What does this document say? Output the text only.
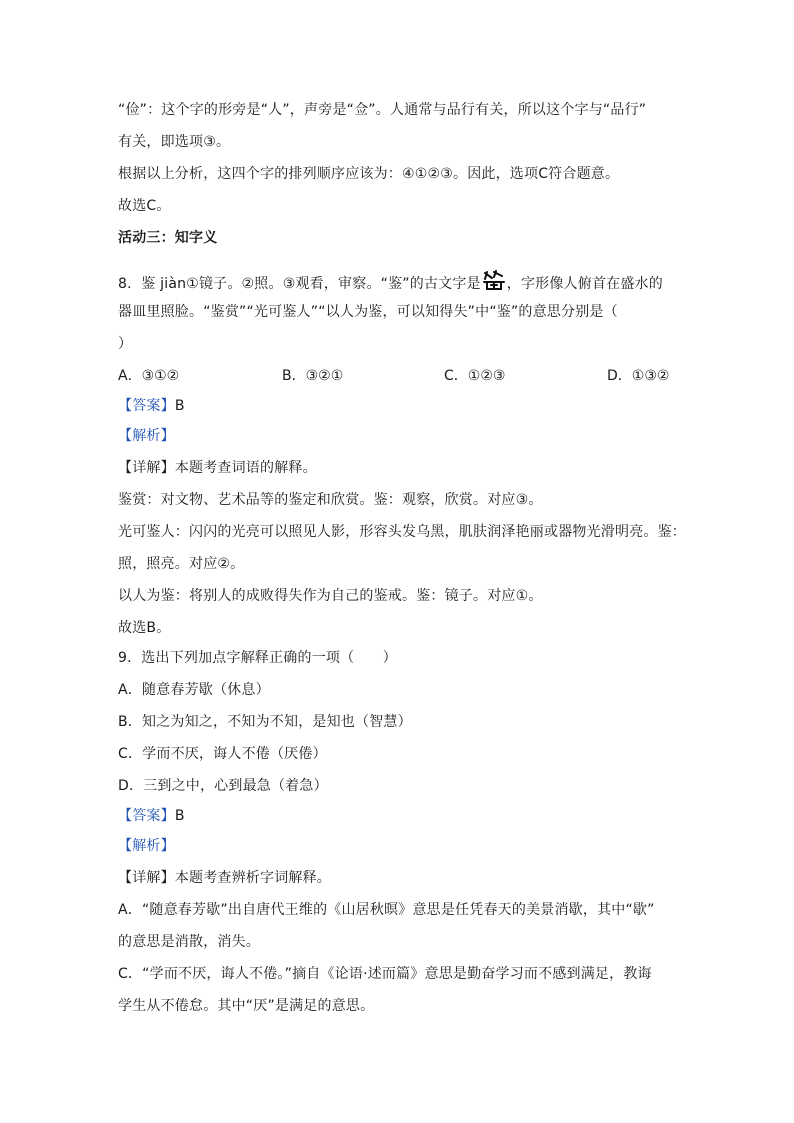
“俭”：这个字的形旁是“人”，声旁是“佥”。人通常与品行有关，所以这个字与“品行”
有关，即选项③。
根据以上分析，这四个字的排列顺序应该为：④①②③。因此，选项C符合题意。
故选C。
活动三：知字义
8．鉴 jiàn①镜子。②照。③观看，审察。“鉴”的古文字是 ，字形像人俯首在盛水的
器皿里照脸。“鉴赏”“光可鉴人”“以人为鉴，可以知得失”中“鉴”的意思分别是（
）
A．③①②	B．③②①	C．①②③	D．①③②
【答案】B
【解析】
【详解】本题考查词语的解释。
鉴赏：对文物、艺术品等的鉴定和欣赏。鉴：观察，欣赏。对应③。
光可鉴人：闪闪的光亮可以照见人影，形容头发乌黑，肌肤润泽艳丽或器物光滑明亮。鉴：
照，照亮。对应②。
以人为鉴：将别人的成败得失作为自己的鉴戒。鉴：镜子。对应①。
故选B。
9．选出下列加点字解释正确的一项（　　）
A．随意春芳歇（休息）
B．知之为知之，不知为不知，是知也（智慧）
C．学而不厌，诲人不倦（厌倦）
D．三到之中，心到最急（着急）
【答案】B
【解析】
【详解】本题考查辨析字词解释。
A．“随意春芳歇”出自唐代王维的《山居秋暝》意思是任凭春天的美景消歇，其中“歇”
的意思是消散，消失。
C．“学而不厌，诲人不倦。”摘自《论语·述而篇》意思是勤奋学习而不感到满足，教诲
学生从不倦怠。其中“厌”是满足的意思。
